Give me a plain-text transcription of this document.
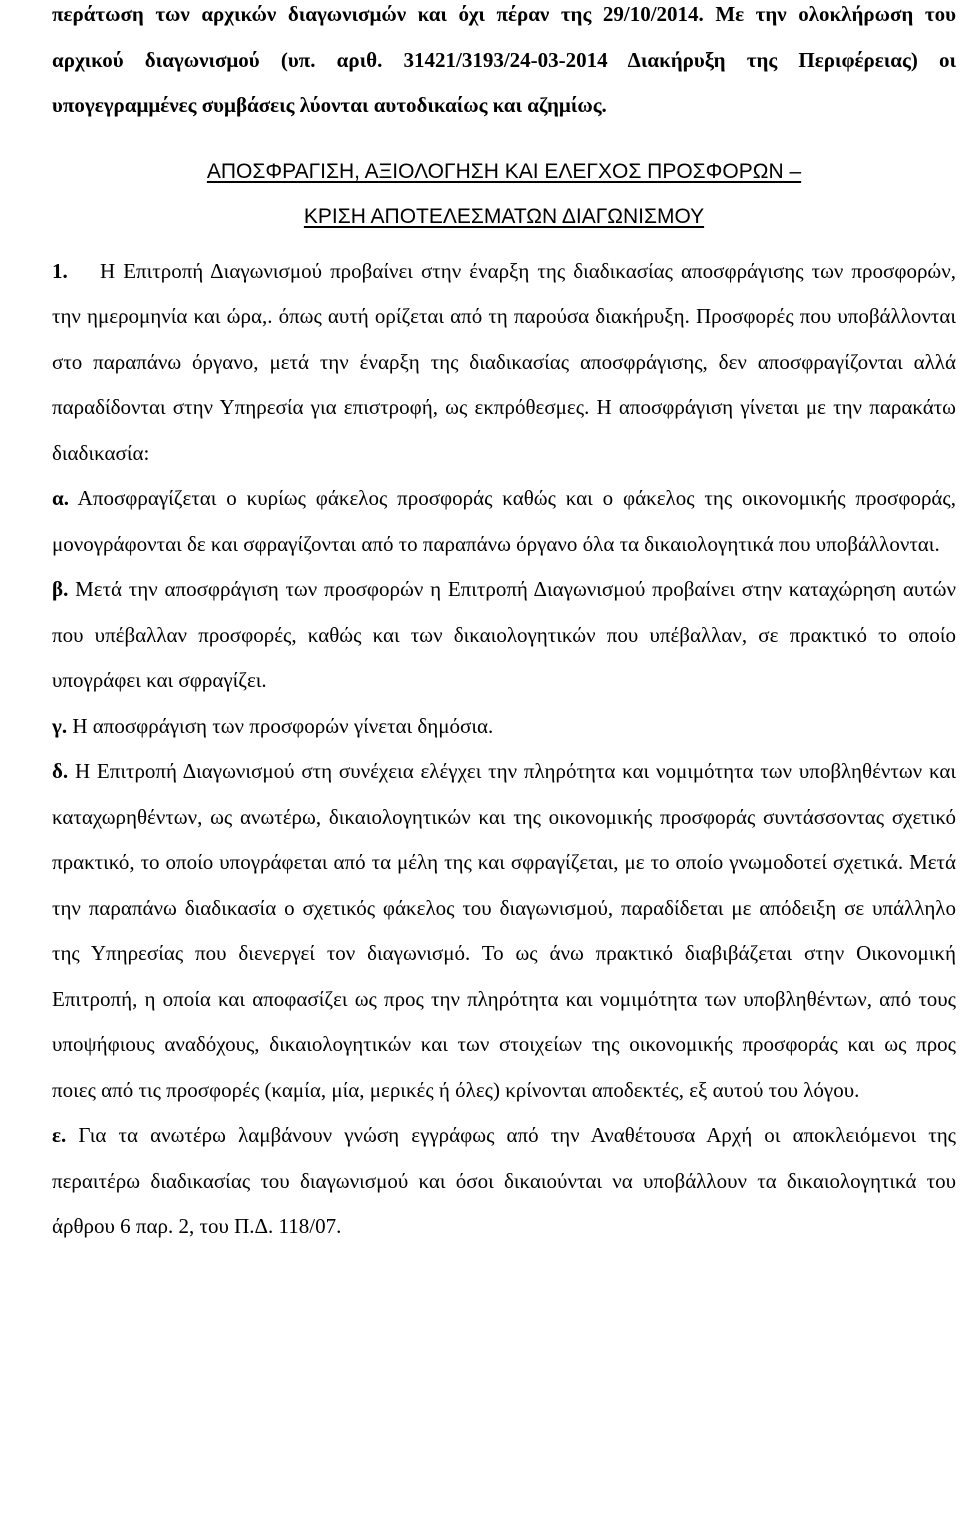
περάτωση των αρχικών διαγωνισμών και όχι πέραν της 29/10/2014. Με την ολοκλήρωση του αρχικού διαγωνισμού (υπ. αριθ. 31421/3193/24-03-2014 Διακήρυξη της Περιφέρειας) οι υπογεγραμμένες συμβάσεις λύονται αυτοδικαίως και αζημίως.

ΑΠΟΣΦΡΑΓΙΣΗ, ΑΞΙΟΛΟΓΗΣΗ ΚΑΙ ΕΛΕΓΧΟΣ ΠΡΟΣΦΟΡΩΝ –

ΚΡΙΣΗ ΑΠΟΤΕΛΕΣΜΑΤΩΝ ΔΙΑΓΩΝΙΣΜΟΥ

1. Η Επιτροπή Διαγωνισμού προβαίνει στην έναρξη της διαδικασίας αποσφράγισης των προσφορών, την ημερομηνία και ώρα,. όπως αυτή ορίζεται από τη παρούσα διακήρυξη. Προσφορές που υποβάλλονται στο παραπάνω όργανο, μετά την έναρξη της διαδικασίας αποσφράγισης, δεν αποσφραγίζονται αλλά παραδίδονται στην Υπηρεσία για επιστροφή, ως εκπρόθεσμες. Η αποσφράγιση γίνεται με την παρακάτω διαδικασία:

α. Αποσφραγίζεται ο κυρίως φάκελος προσφοράς καθώς και ο φάκελος της οικονομικής προσφοράς, μονογράφονται δε και σφραγίζονται από το παραπάνω όργανο όλα τα δικαιολογητικά που υποβάλλονται.

β. Μετά την αποσφράγιση των προσφορών η Επιτροπή Διαγωνισμού προβαίνει στην καταχώρηση αυτών που υπέβαλλαν προσφορές, καθώς και των δικαιολογητικών που υπέβαλλαν, σε πρακτικό το οποίο υπογράφει και σφραγίζει.

γ. Η αποσφράγιση των προσφορών γίνεται δημόσια.

δ. Η Επιτροπή Διαγωνισμού στη συνέχεια ελέγχει την πληρότητα και νομιμότητα των υποβληθέντων και καταχωρηθέντων, ως ανωτέρω, δικαιολογητικών και της οικονομικής προσφοράς συντάσσοντας σχετικό πρακτικό, το οποίο υπογράφεται από τα μέλη της και σφραγίζεται, με το οποίο γνωμοδοτεί σχετικά. Μετά την παραπάνω διαδικασία ο σχετικός φάκελος του διαγωνισμού, παραδίδεται με απόδειξη σε υπάλληλο της Υπηρεσίας που διενεργεί τον διαγωνισμό. Το ως άνω πρακτικό διαβιβάζεται στην Οικονομική Επιτροπή, η οποία και αποφασίζει ως προς την πληρότητα και νομιμότητα των υποβληθέντων, από τους υποψήφιους αναδόχους, δικαιολογητικών και των στοιχείων της οικονομικής προσφοράς και ως προς ποιες από τις προσφορές (καμία, μία, μερικές ή όλες) κρίνονται αποδεκτές, εξ αυτού του λόγου.

ε. Για τα ανωτέρω λαμβάνουν γνώση εγγράφως από την Αναθέτουσα Αρχή οι αποκλειόμενοι της περαιτέρω διαδικασίας του διαγωνισμού και όσοι δικαιούνται να υποβάλλουν τα δικαιολογητικά του άρθρου 6 παρ. 2, του Π.Δ. 118/07.
